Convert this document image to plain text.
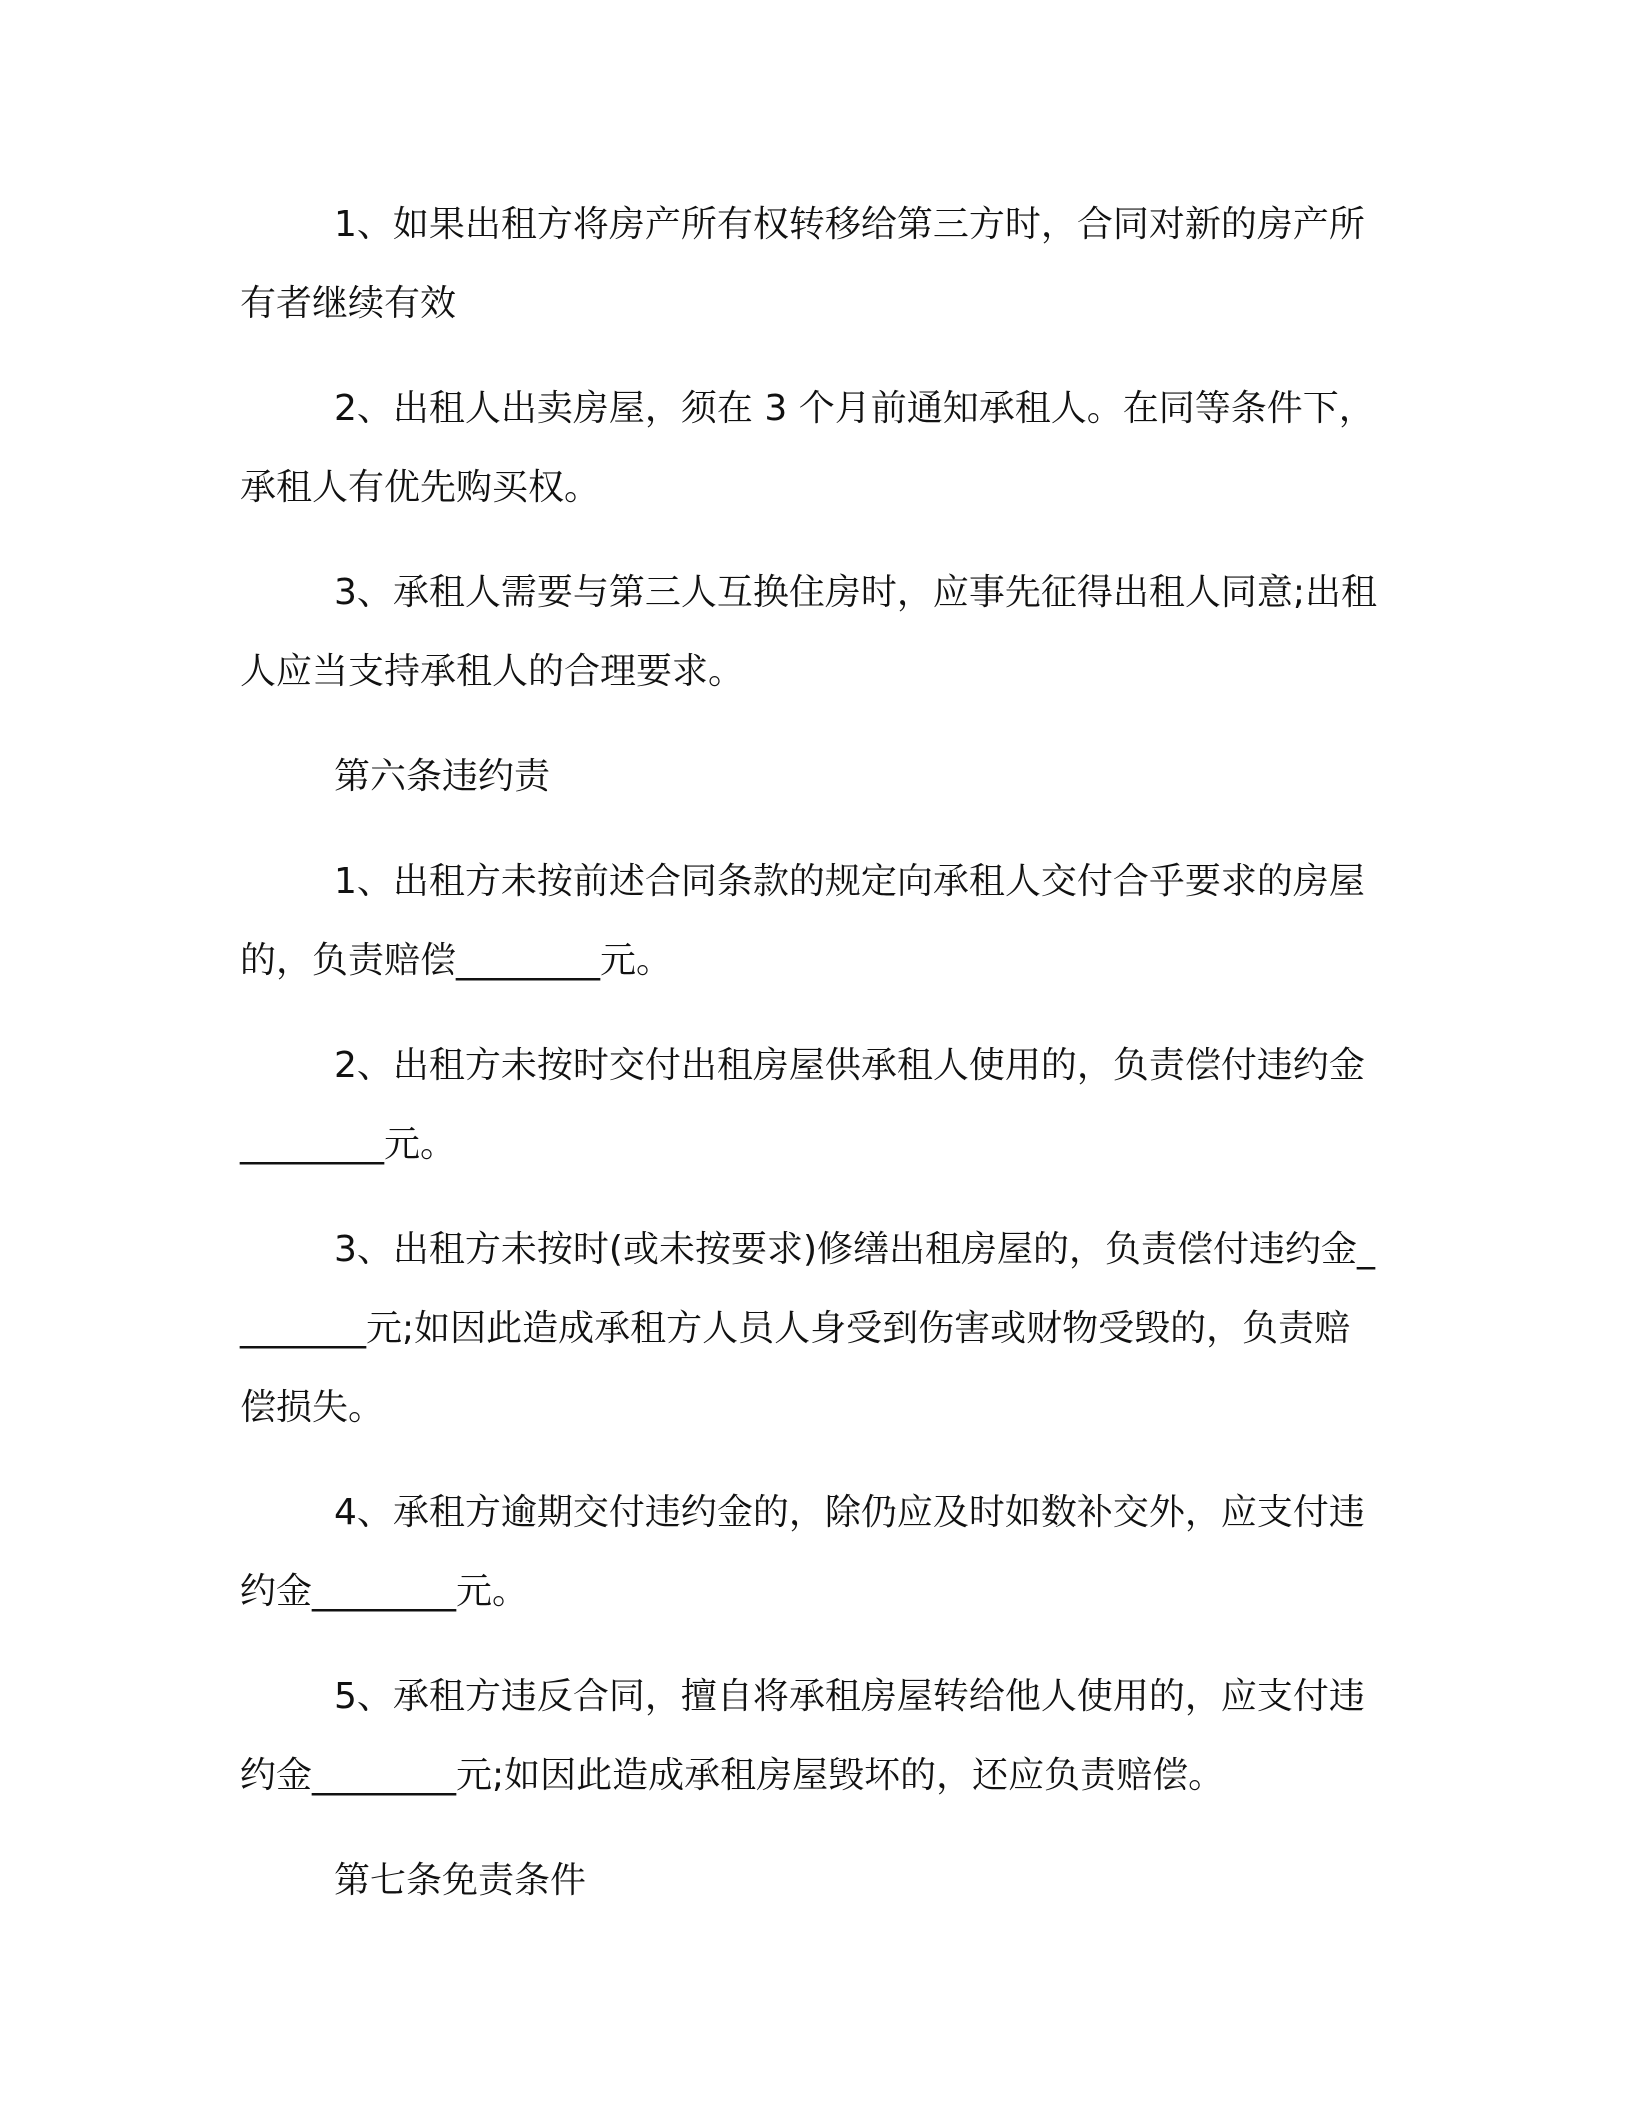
1、如果出租方将房产所有权转移给第三方时，合同对新的房产所有者继续有效

2、出租人出卖房屋，须在 3 个月前通知承租人。在同等条件下，承租人有优先购买权。

3、承租人需要与第三人互换住房时，应事先征得出租人同意;出租人应当支持承租人的合理要求。

第六条违约责

1、出租方未按前述合同条款的规定向承租人交付合乎要求的房屋的，负责赔偿________元。

2、出租方未按时交付出租房屋供承租人使用的，负责偿付违约金________元。

3、出租方未按时(或未按要求)修缮出租房屋的，负责偿付违约金________元;如因此造成承租方人员人身受到伤害或财物受毁的，负责赔偿损失。

4、承租方逾期交付违约金的，除仍应及时如数补交外，应支付违约金________元。

5、承租方违反合同，擅自将承租房屋转给他人使用的，应支付违约金________元;如因此造成承租房屋毁坏的，还应负责赔偿。

第七条免责条件
